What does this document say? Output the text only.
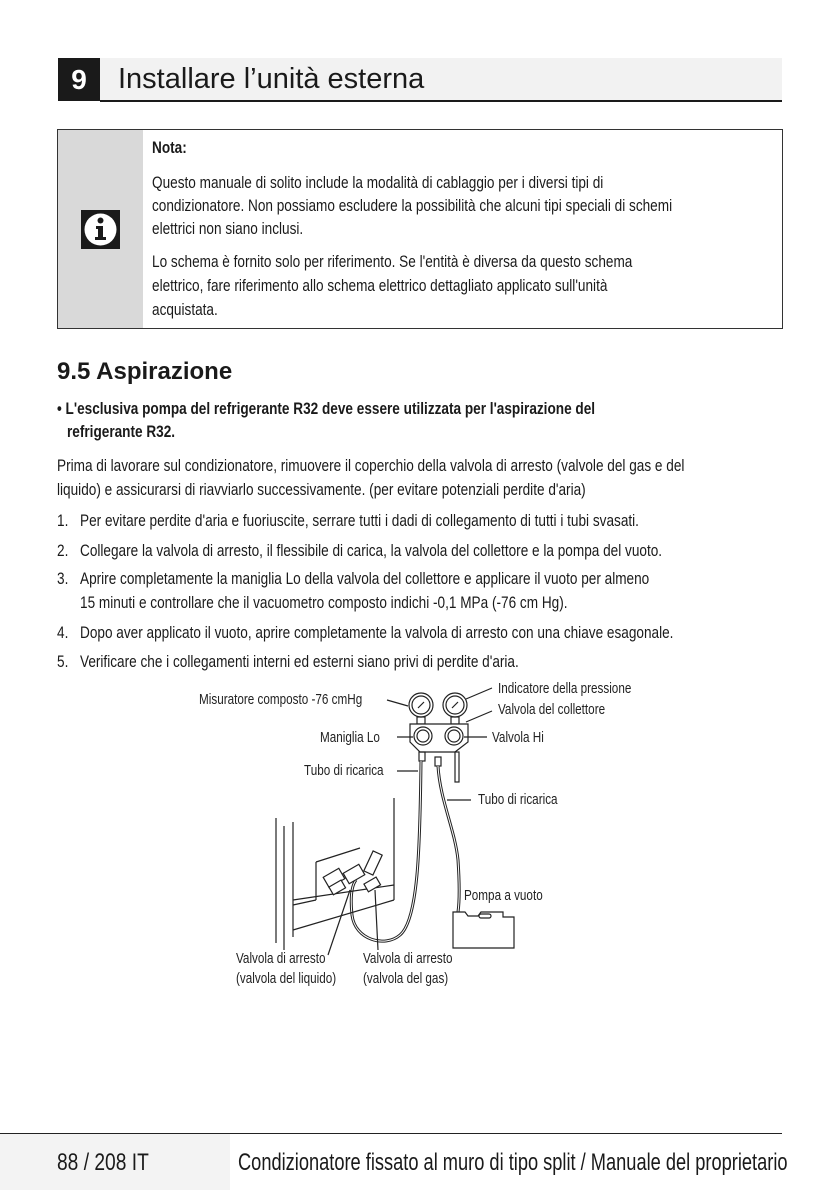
9	Installare l’unità esterna
Nota:
Questo manuale di solito include la modalità di cablaggio per i diversi tipi di
condizionatore. Non possiamo escludere la possibilità che alcuni tipi speciali di schemi
elettrici non siano inclusi.
Lo schema è fornito solo per riferimento. Se l'entità è diversa da questo schema
elettrico, fare riferimento allo schema elettrico dettagliato applicato sull'unità
acquistata.
9.5 Aspirazione
• L'esclusiva pompa del refrigerante R32 deve essere utilizzata per l'aspirazione del
refrigerante R32.
Prima di lavorare sul condizionatore, rimuovere il coperchio della valvola di arresto (valvole del gas e del
liquido) e assicurarsi di riavviarlo successivamente. (per evitare potenziali perdite d'aria)
1. Per evitare perdite d'aria e fuoriuscite, serrare tutti i dadi di collegamento di tutti i tubi svasati.
2. Collegare la valvola di arresto, il flessibile di carica, la valvola del collettore e la pompa del vuoto.
3. Aprire completamente la maniglia Lo della valvola del collettore e applicare il vuoto per almeno
15 minuti e controllare che il vacuometro composto indichi -0,1 MPa (-76 cm Hg).
4. Dopo aver applicato il vuoto, aprire completamente la valvola di arresto con una chiave esagonale.
5. Verificare che i collegamenti interni ed esterni siano privi di perdite d'aria.
Misuratore composto -76 cmHg
Indicatore della pressione
Valvola del collettore
Maniglia Lo	Valvola Hi
Tubo di ricarica
Tubo di ricarica
Pompa a vuoto
Valvola di arresto
(valvola del liquido)
Valvola di arresto
(valvola del gas)
88 / 208 IT	Condizionatore fissato al muro di tipo split / Manuale del proprietario
